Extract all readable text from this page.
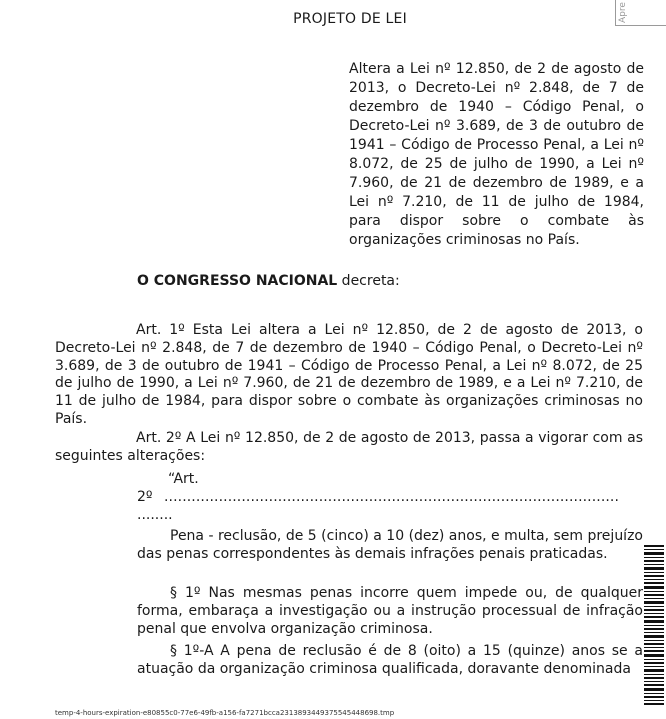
PROJETO DE LEI	Apre
Altera a Lei nº 12.850, de 2 de agosto de 2013, o Decreto-Lei nº 2.848, de 7 de dezembro de 1940 – Código Penal, o Decreto-Lei nº 3.689, de 3 de outubro de 1941 – Código de Processo Penal, a Lei nº 8.072, de 25 de julho de 1990, a Lei nº 7.960, de 21 de dezembro de 1989, e a Lei nº 7.210, de 11 de julho de 1984, para dispor sobre o combate às organizações criminosas no País.
O CONGRESSO NACIONAL decreta:

Art. 1º Esta Lei altera a Lei nº 12.850, de 2 de agosto de 2013, o Decreto-Lei nº 2.848, de 7 de dezembro de 1940 – Código Penal, o Decreto-Lei nº 3.689, de 3 de outubro de 1941 – Código de Processo Penal, a Lei nº 8.072, de 25 de julho de 1990, a Lei nº 7.960, de 21 de dezembro de 1989, e a Lei nº 7.210, de 11 de julho de 1984, para dispor sobre o combate às organizações criminosas no País.

Art. 2º A Lei nº 12.850, de 2 de agosto de 2013, passa a vigorar com as seguintes alterações:

“Art.
2º ....................................................................................................
........

Pena - reclusão, de 5 (cinco) a 10 (dez) anos, e multa, sem prejuízo das penas correspondentes às demais infrações penais praticadas.

§ 1º Nas mesmas penas incorre quem impede ou, de qualquer forma, embaraça a investigação ou a instrução processual de infração penal que envolva organização criminosa.

§ 1º-A A pena de reclusão é de 8 (oito) a 15 (quinze) anos se a atuação da organização criminosa qualificada, doravante denominada

temp-4-hours-expiration-e80855c0-77e6-49fb-a156-fa7271bcca2313893449375545448698.tmp
